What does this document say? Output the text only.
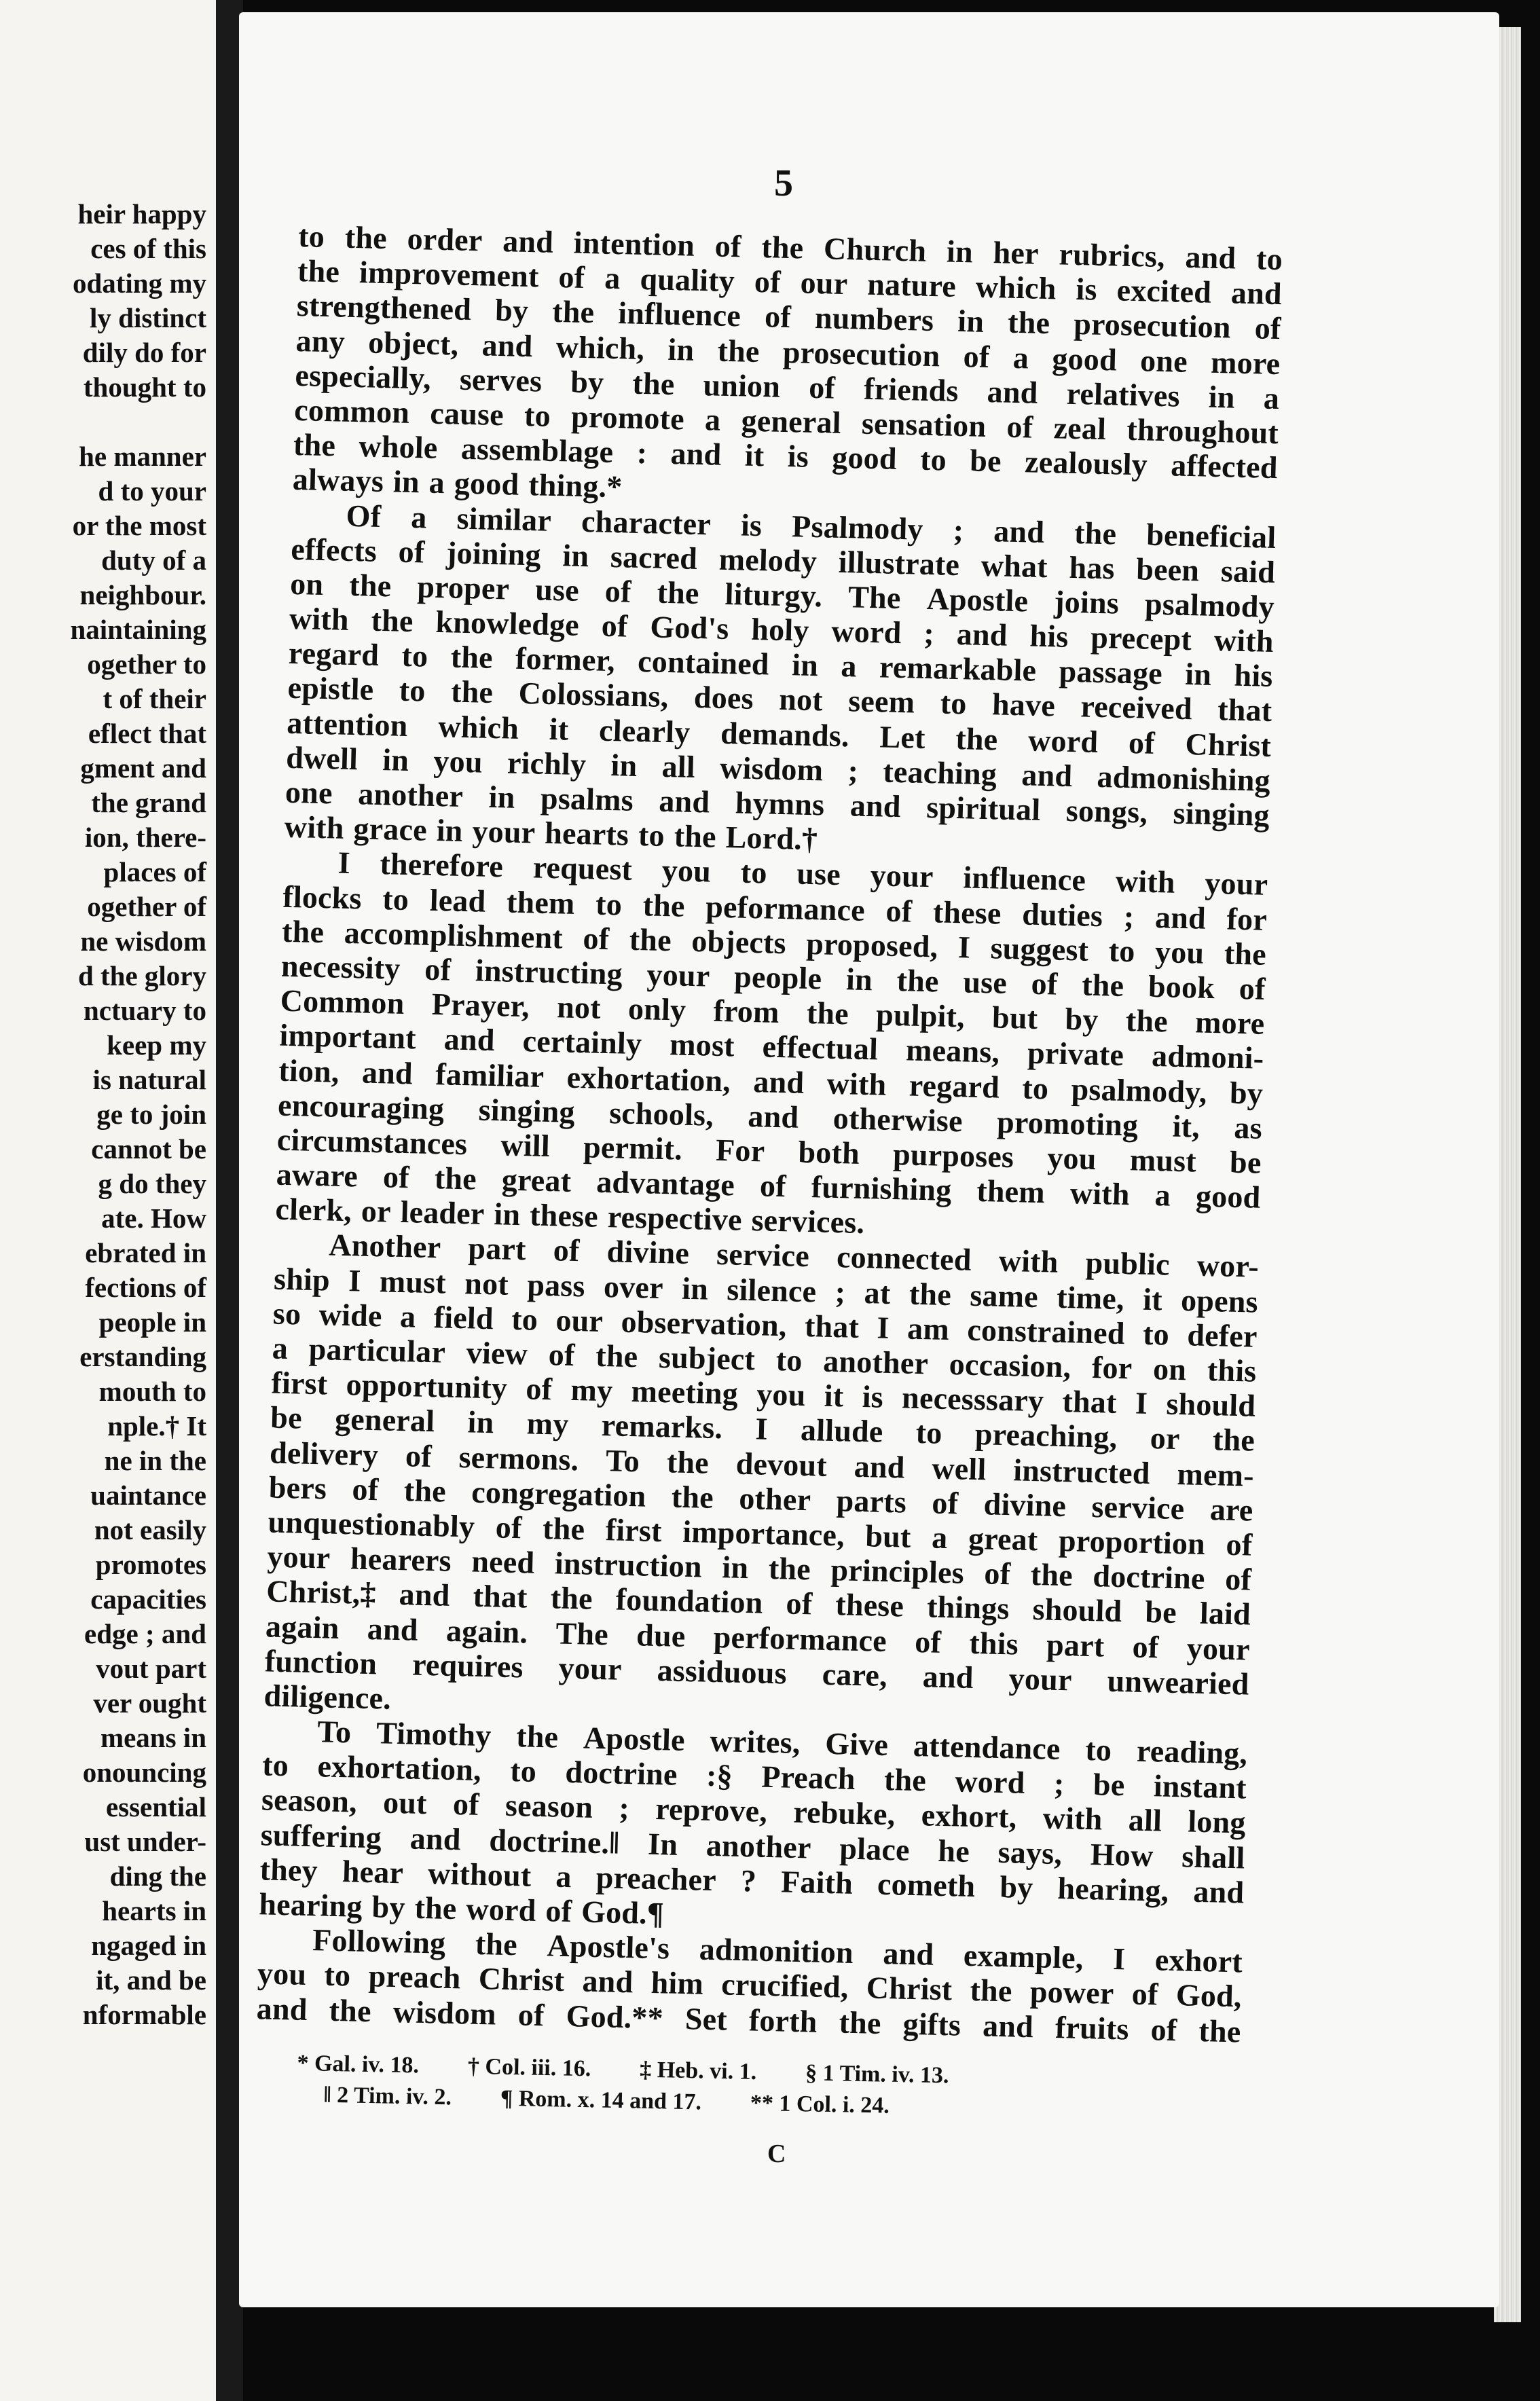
heir happy
ces of this
odating my
ly distinct
dily do for
thought to
he manner
d to your
or the most
duty of a
neighbour.
naintaining
ogether to
t of their
eflect that
gment and
the grand
ion, there-
places of
ogether of
ne wisdom
d the glory
nctuary to
keep my
is natural
ge to join
cannot be
g do they
ate. How
ebrated in
fections of
people in
erstanding
mouth to
nple.† It
ne in the
uaintance
not easily
promotes
capacities
edge ; and
vout part
ver ought
means in
onouncing
essential
ust under-
ding the
hearts in
ngaged in
it, and be
nformable
5
to the order and intention of the Church in her rubrics, and to
the improvement of a quality of our nature which is excited and
strengthened by the influence of numbers in the prosecution of
any object, and which, in the prosecution of a good one more
especially, serves by the union of friends and relatives in a
common cause to promote a general sensation of zeal throughout
the whole assemblage : and it is good to be zealously affected
always in a good thing.*
Of a similar character is Psalmody ; and the beneficial
effects of joining in sacred melody illustrate what has been said
on the proper use of the liturgy. The Apostle joins psalmody
with the knowledge of God's holy word ; and his precept with
regard to the former, contained in a remarkable passage in his
epistle to the Colossians, does not seem to have received that
attention which it clearly demands. Let the word of Christ
dwell in you richly in all wisdom ; teaching and admonishing
one another in psalms and hymns and spiritual songs, singing
with grace in your hearts to the Lord.†
I therefore request you to use your influence with your
flocks to lead them to the peformance of these duties ; and for
the accomplishment of the objects proposed, I suggest to you the
necessity of instructing your people in the use of the book of
Common Prayer, not only from the pulpit, but by the more
important and certainly most effectual means, private admoni-
tion, and familiar exhortation, and with regard to psalmody, by
encouraging singing schools, and otherwise promoting it, as
circumstances will permit. For both purposes you must be
aware of the great advantage of furnishing them with a good
clerk, or leader in these respective services.
Another part of divine service connected with public wor-
ship I must not pass over in silence ; at the same time, it opens
so wide a field to our observation, that I am constrained to defer
a particular view of the subject to another occasion, for on this
first opportunity of my meeting you it is necesssary that I should
be general in my remarks. I allude to preaching, or the
delivery of sermons. To the devout and well instructed mem-
bers of the congregation the other parts of divine service are
unquestionably of the first importance, but a great proportion of
your hearers need instruction in the principles of the doctrine of
Christ,‡ and that the foundation of these things should be laid
again and again. The due performance of this part of your
function requires your assiduous care, and your unwearied
diligence.
To Timothy the Apostle writes, Give attendance to reading,
to exhortation, to doctrine :§ Preach the word ; be instant
season, out of season ; reprove, rebuke, exhort, with all long
suffering and doctrine.‖ In another place he says, How shall
they hear without a preacher ? Faith cometh by hearing, and
hearing by the word of God.¶
Following the Apostle's admonition and example, I exhort
you to preach Christ and him crucified, Christ the power of God,
and the wisdom of God.** Set forth the gifts and fruits of the
* Gal. iv. 18. † Col. iii. 16. ‡ Heb. vi. 1. § 1 Tim. iv. 13.
‖ 2 Tim. iv. 2. ¶ Rom. x. 14 and 17. ** 1 Col. i. 24.
C
